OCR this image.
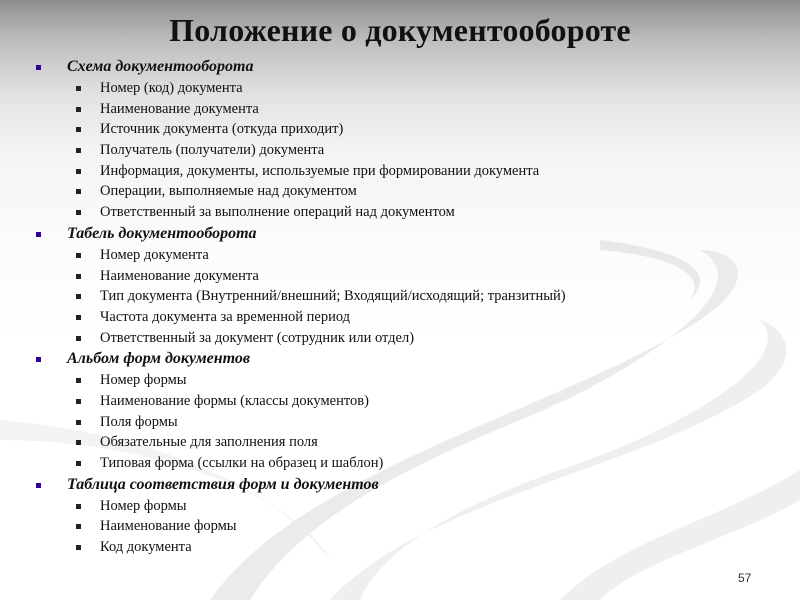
Положение о документообороте
Схема документооборота
Номер (код) документа
Наименование документа
Источник документа (откуда приходит)
Получатель (получатели) документа
Информация, документы, используемые при формировании документа
Операции, выполняемые над документом
Ответственный за выполнение операций над документом
Табель документооборота
Номер документа
Наименование документа
Тип документа (Внутренний/внешний; Входящий/исходящий; транзитный)
Частота документа за временной период
Ответственный за документ (сотрудник или отдел)
Альбом форм документов
Номер формы
Наименование формы (классы документов)
Поля формы
Обязательные для заполнения поля
Типовая форма (ссылки на образец и шаблон)
Таблица соответствия форм и документов
Номер формы
Наименование формы
Код документа
57
